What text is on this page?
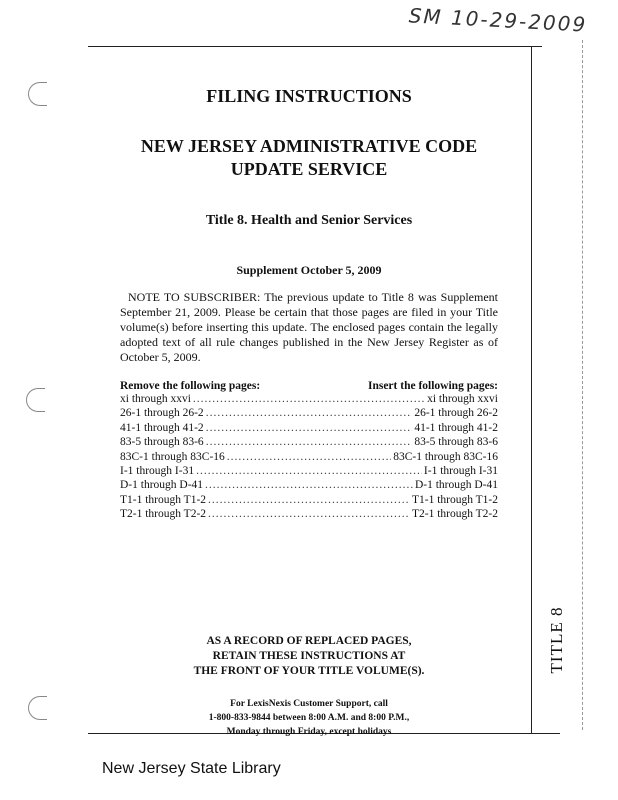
SM 10-29-2009
TITLE 8

FILING INSTRUCTIONS

NEW JERSEY ADMINISTRATIVE CODE
UPDATE SERVICE

Title 8. Health and Senior Services

Supplement October 5, 2009

NOTE TO SUBSCRIBER: The previous update to Title 8 was Supplement September 21, 2009. Please be certain that those pages are filed in your Title volume(s) before inserting this update. The enclosed pages contain the legally adopted text of all rule changes published in the New Jersey Register as of October 5, 2009.

Remove the following pages:	Insert the following pages:
xi through xxvi .....	xi through xxvi
26-1 through 26-2 .....	26-1 through 26-2
41-1 through 41-2 .....	41-1 through 41-2
83-5 through 83-6 .....	83-5 through 83-6
83C-1 through 83C-16 .....	83C-1 through 83C-16
I-1 through I-31 .....	I-1 through I-31
D-1 through D-41 .....	D-1 through D-41
T1-1 through T1-2 .....	T1-1 through T1-2
T2-1 through T2-2 .....	T2-1 through T2-2

AS A RECORD OF REPLACED PAGES,

RETAIN THESE INSTRUCTIONS AT

THE FRONT OF YOUR TITLE VOLUME(S).

For LexisNexis Customer Support, call

1-800-833-9844 between 8:00 A.M. and 8:00 P.M.,

Monday through Friday, except holidays

New Jersey State Library
